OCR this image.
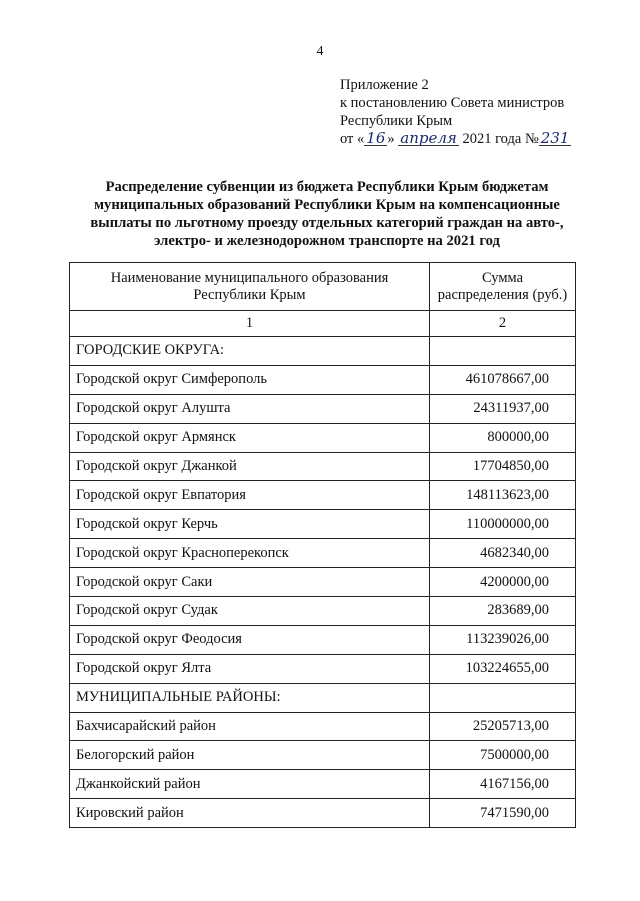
4
Приложение 2
к постановлению Совета министров
Республики Крым
от « 16 » апреля 2021 года № 231
Распределение субвенции из бюджета Республики Крым бюджетам муниципальных образований Республики Крым на компенсационные выплаты по льготному проезду отдельных категорий граждан на авто-, электро- и железнодорожном транспорте на 2021 год
Наименование муниципального образования Республики Крым	Сумма распределения (руб.)
1	2
ГОРОДСКИЕ ОКРУГА:	
Городской округ Симферополь	461078667,00
Городской округ Алушта	24311937,00
Городской округ Армянск	800000,00
Городской округ Джанкой	17704850,00
Городской округ Евпатория	148113623,00
Городской округ Керчь	110000000,00
Городской округ Красноперекопск	4682340,00
Городской округ Саки	4200000,00
Городской округ Судак	283689,00
Городской округ Феодосия	113239026,00
Городской округ Ялта	103224655,00
МУНИЦИПАЛЬНЫЕ РАЙОНЫ:	
Бахчисарайский район	25205713,00
Белогорский район	7500000,00
Джанкойский район	4167156,00
Кировский район	7471590,00
